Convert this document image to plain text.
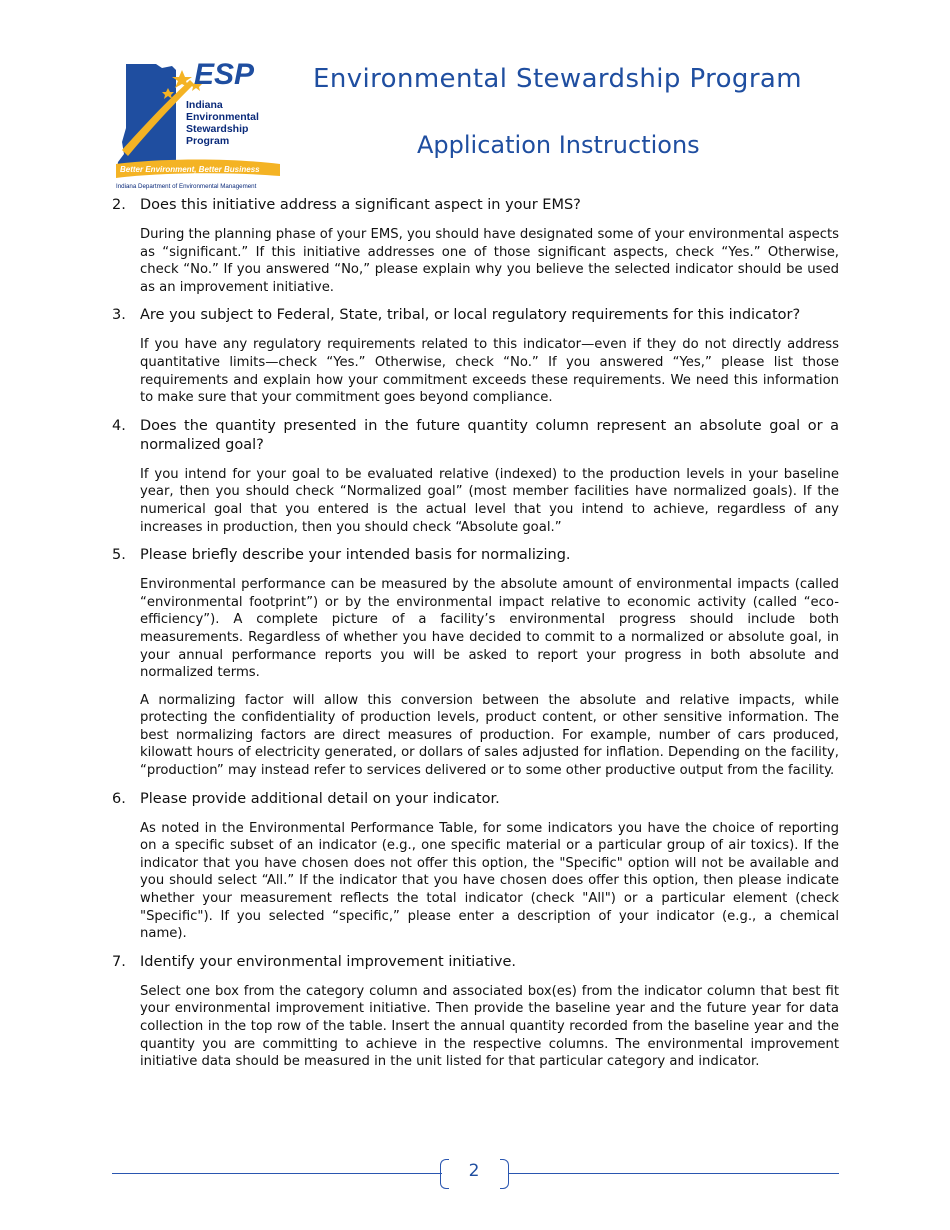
ESP
Indiana
Environmental
Stewardship
Program
Better Environment, Better Business
Indiana Department of Environmental Management
Environmental Stewardship Program
Application Instructions
2. Does this initiative address a significant aspect in your EMS?

During the planning phase of your EMS, you should have designated some of your environmental aspects as “significant.” If this initiative addresses one of those significant aspects, check “Yes.” Otherwise, check “No.” If you answered “No,” please explain why you believe the selected indicator should be used as an improvement initiative.

3. Are you subject to Federal, State, tribal, or local regulatory requirements for this indicator?

If you have any regulatory requirements related to this indicator—even if they do not directly address quantitative limits—check “Yes.” Otherwise, check “No.” If you answered “Yes,” please list those requirements and explain how your commitment exceeds these requirements. We need this information to make sure that your commitment goes beyond compliance.

4. Does the quantity presented in the future quantity column represent an absolute goal or a normalized goal?

If you intend for your goal to be evaluated relative (indexed) to the production levels in your baseline year, then you should check “Normalized goal” (most member facilities have normalized goals). If the numerical goal that you entered is the actual level that you intend to achieve, regardless of any increases in production, then you should check “Absolute goal.”

5. Please briefly describe your intended basis for normalizing.

Environmental performance can be measured by the absolute amount of environmental impacts (called “environmental footprint”) or by the environmental impact relative to economic activity (called “eco-efficiency”). A complete picture of a facility’s environmental progress should include both measurements. Regardless of whether you have decided to commit to a normalized or absolute goal, in your annual performance reports you will be asked to report your progress in both absolute and normalized terms.

A normalizing factor will allow this conversion between the absolute and relative impacts, while protecting the confidentiality of production levels, product content, or other sensitive information. The best normalizing factors are direct measures of production. For example, number of cars produced, kilowatt hours of electricity generated, or dollars of sales adjusted for inflation. Depending on the facility, “production” may instead refer to services delivered or to some other productive output from the facility.

6. Please provide additional detail on your indicator.

As noted in the Environmental Performance Table, for some indicators you have the choice of reporting on a specific subset of an indicator (e.g., one specific material or a particular group of air toxics). If the indicator that you have chosen does not offer this option, the "Specific" option will not be available and you should select “All.” If the indicator that you have chosen does offer this option, then please indicate whether your measurement reflects the total indicator (check "All") or a particular element (check "Specific"). If you selected “specific,” please enter a description of your indicator (e.g., a chemical name).

7. Identify your environmental improvement initiative.

Select one box from the category column and associated box(es) from the indicator column that best fit your environmental improvement initiative. Then provide the baseline year and the future year for data collection in the top row of the table. Insert the annual quantity recorded from the baseline year and the quantity you are committing to achieve in the respective columns. The environmental improvement initiative data should be measured in the unit listed for that particular category and indicator.

2
